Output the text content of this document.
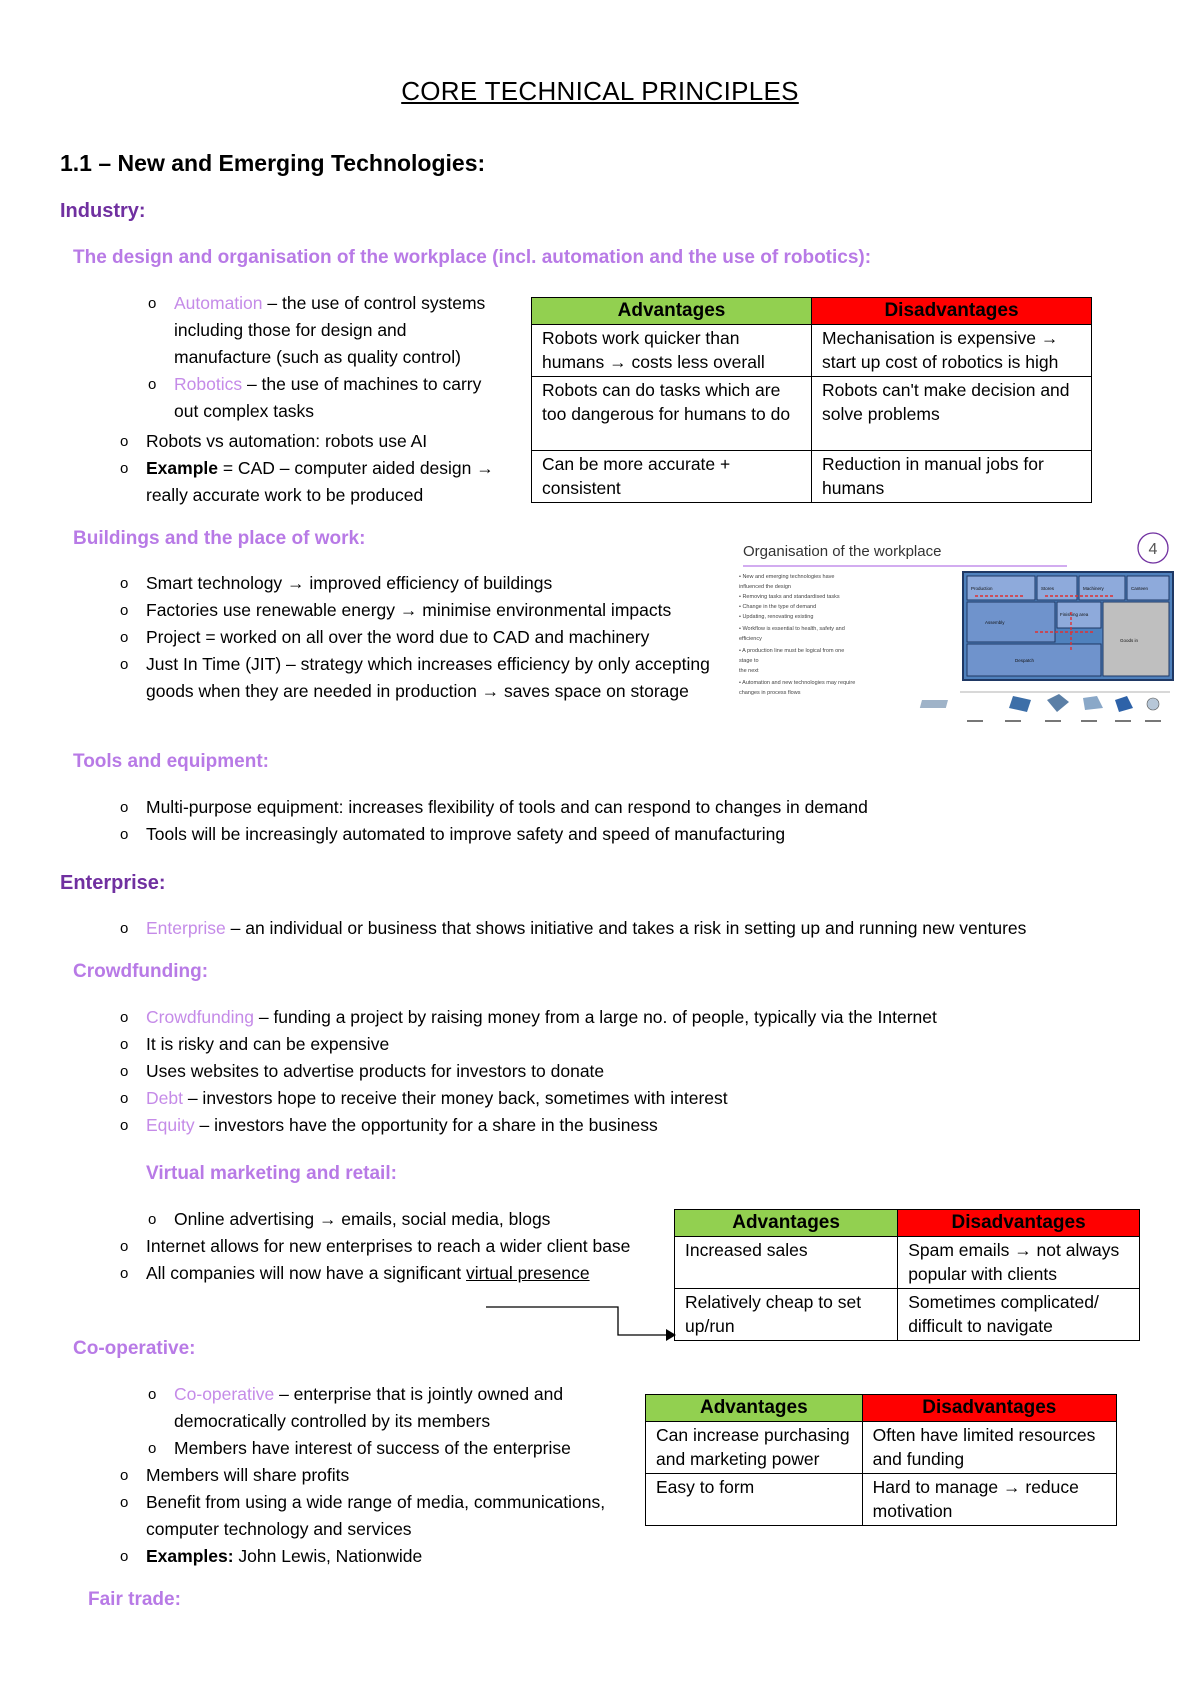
CORE TECHNICAL PRINCIPLES
1.1 – New and Emerging Technologies:
Industry:
The design and organisation of the workplace (incl. automation and the use of robotics):
o Automation – the use of control systems including those for design and manufacture (such as quality control)
o Robotics – the use of machines to carry out complex tasks
o Robots vs automation: robots use AI
o Example = CAD – computer aided design → really accurate work to be produced
Advantages	Disadvantages
Robots work quicker than humans → costs less overall	Mechanisation is expensive → start up cost of robotics is high
Robots can do tasks which are too dangerous for humans to do	Robots can't make decision and solve problems
Can be more accurate + consistent	Reduction in manual jobs for humans
Buildings and the place of work:
o Smart technology → improved efficiency of buildings
o Factories use renewable energy → minimise environmental impacts
o Project = worked on all over the word due to CAD and machinery
o Just In Time (JIT) – strategy which increases efficiency by only accepting goods when they are needed in production → saves space on storage
Organisation of the workplace	4
• New and emerging technologies have
influenced the design
• Removing tasks and standardised tasks
• Change in the type of demand
• Updating, renovating existing
• Workflow is essential to health, safety and
efficiency
• A production line must be logical from one
stage to
the next
• Automation and new technologies may require
changes in process flows
Production	Stores	Machinery	Canteen
Assembly
Finishing area
Despatch
Goods in
Tools and equipment:
o Multi-purpose equipment: increases flexibility of tools and can respond to changes in demand
o Tools will be increasingly automated to improve safety and speed of manufacturing
Enterprise:
o Enterprise – an individual or business that shows initiative and takes a risk in setting up and running new ventures
Crowdfunding:
o Crowdfunding – funding a project by raising money from a large no. of people, typically via the Internet
o It is risky and can be expensive
o Uses websites to advertise products for investors to donate
o Debt – investors hope to receive their money back, sometimes with interest
o Equity – investors have the opportunity for a share in the business
Virtual marketing and retail:
o Online advertising → emails, social media, blogs
o Internet allows for new enterprises to reach a wider client base
o All companies will now have a significant virtual presence
Advantages	Disadvantages
Increased sales	Spam emails → not always popular with clients
Relatively cheap to set up/run	Sometimes complicated/ difficult to navigate
Co-operative:
o Co-operative – enterprise that is jointly owned and democratically controlled by its members
o Members have interest of success of the enterprise
o Members will share profits
o Benefit from using a wide range of media, communications, computer technology and services
o Examples: John Lewis, Nationwide
Advantages	Disadvantages
Can increase purchasing and marketing power	Often have limited resources and funding
Easy to form	Hard to manage → reduce motivation
Fair trade:
